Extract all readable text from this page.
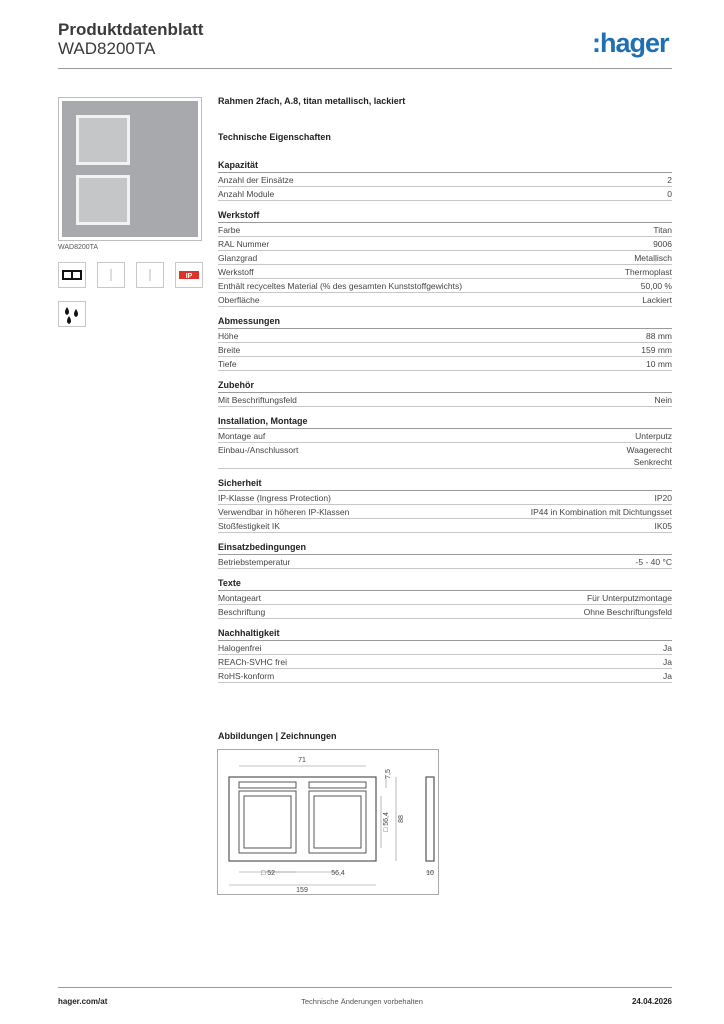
Produktdatenblatt
WAD8200TA	:hager
WAD8200TA
IP
Rahmen 2fach, A.8, titan metallisch, lackiert
Technische Eigenschaften
Kapazität
Anzahl der Einsätze	2
Anzahl Module	0
Werkstoff
Farbe	Titan
RAL Nummer	9006
Glanzgrad	Metallisch
Werkstoff	Thermoplast
Enthält recyceltes Material (% des gesamten Kunststoffgewichts)	50,00 %
Oberfläche	Lackiert
Abmessungen
Höhe	88 mm
Breite	159 mm
Tiefe	10 mm
Zubehör
Mit Beschriftungsfeld	Nein
Installation, Montage
Montage auf	Unterputz
Einbau-/Anschlussort	Waagerecht
Senkrecht
Sicherheit
IP-Klasse (Ingress Protection)	IP20
Verwendbar in höheren IP-Klassen	IP44 in Kombination mit Dichtungsset
Stoßfestigkeit IK	IK05
Einsatzbedingungen
Betriebstemperatur	-5 - 40 °C
Texte
Montageart	Für Unterputzmontage
Beschriftung	Ohne Beschriftungsfeld
Nachhaltigkeit
Halogenfrei	Ja
REACh-SVHC frei	Ja
RoHS-konform	Ja
Abbildungen | Zeichnungen
71
7,5
□ 56,4 88
□ 52	56,4
159
10
hager.com/at	Technische Änderungen vorbehalten	24.04.2026
